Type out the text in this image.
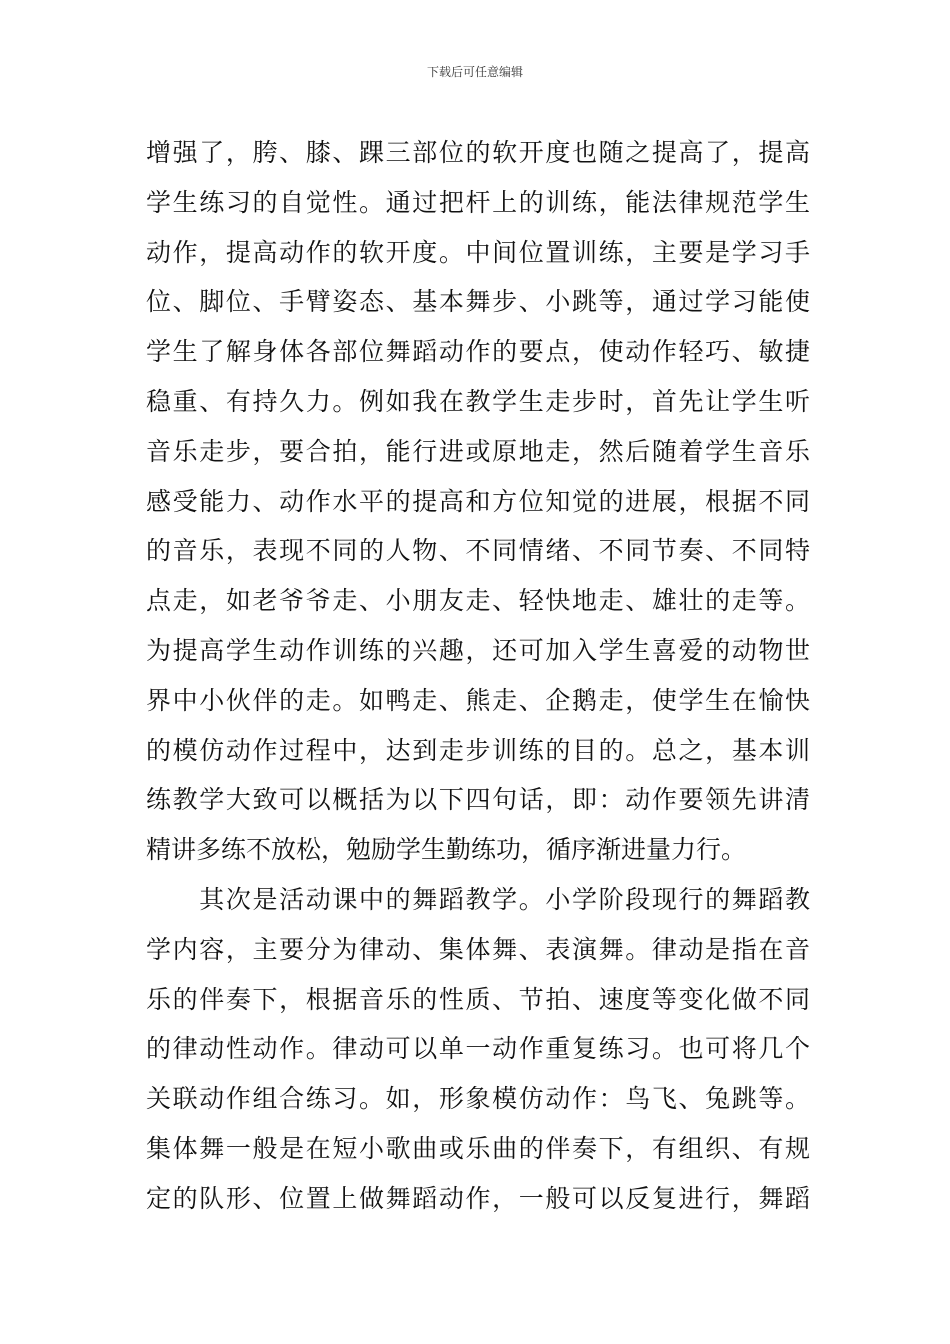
下载后可任意编辑
增强了，胯、膝、踝三部位的软开度也随之提高了，提高
学生练习的自觉性。通过把杆上的训练，能法律规范学生
动作，提高动作的软开度。中间位置训练，主要是学习手
位、脚位、手臂姿态、基本舞步、小跳等，通过学习能使
学生了解身体各部位舞蹈动作的要点，使动作轻巧、敏捷
稳重、有持久力。例如我在教学生走步时，首先让学生听
音乐走步，要合拍，能行进或原地走，然后随着学生音乐
感受能力、动作水平的提高和方位知觉的进展，根据不同
的音乐，表现不同的人物、不同情绪、不同节奏、不同特
点走，如老爷爷走、小朋友走、轻快地走、雄壮的走等。
为提高学生动作训练的兴趣，还可加入学生喜爱的动物世
界中小伙伴的走。如鸭走、熊走、企鹅走，使学生在愉快
的模仿动作过程中，达到走步训练的目的。总之，基本训
练教学大致可以概括为以下四句话，即：动作要领先讲清
精讲多练不放松，勉励学生勤练功，循序渐进量力行。
　　其次是活动课中的舞蹈教学。小学阶段现行的舞蹈教
学内容，主要分为律动、集体舞、表演舞。律动是指在音
乐的伴奏下，根据音乐的性质、节拍、速度等变化做不同
的律动性动作。律动可以单一动作重复练习。也可将几个
关联动作组合练习。如，形象模仿动作：鸟飞、兔跳等。
集体舞一般是在短小歌曲或乐曲的伴奏下，有组织、有规
定的队形、位置上做舞蹈动作，一般可以反复进行，舞蹈
